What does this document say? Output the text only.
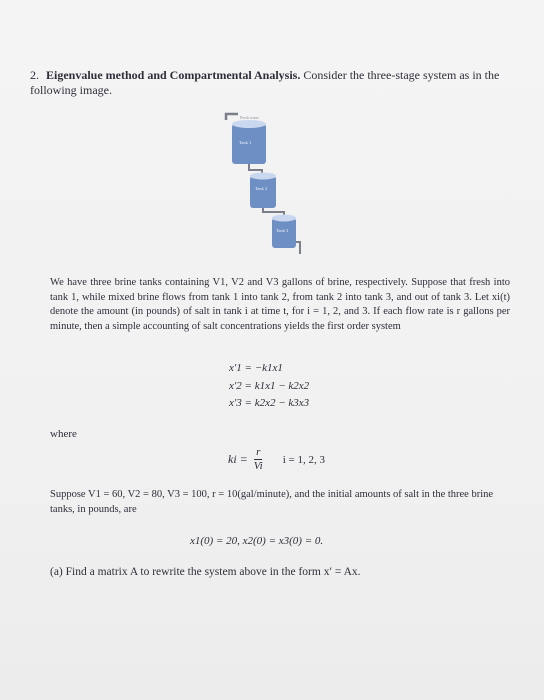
2. Eigenvalue method and Compartmental Analysis. Consider the three-stage system as in the following image.
Fresh water
Tank 1
Tank 2
Tank 3
We have three brine tanks containing V1, V2 and V3 gallons of brine, respectively. Suppose that fresh into tank 1, while mixed brine flows from tank 1 into tank 2, from tank 2 into tank 3, and out of tank 3. Let xi(t) denote the amount (in pounds) of salt in tank i at time t, for i = 1, 2, and 3. If each flow rate is r gallons per minute, then a simple accounting of salt concentrations yields the first order system
x′1 = −k1x1
x′2 = k1x1 − k2x2
x′3 = k2x2 − k3x3
where
ki = $\frac{r}{Vi}$ i = 1, 2, 3
Suppose V1 = 60, V2 = 80, V3 = 100, r = 10(gal/minute), and the initial amounts of salt in the three brine tanks, in pounds, are
x1(0) = 20, x2(0) = x3(0) = 0.
(a) Find a matrix A to rewrite the system above in the form x′ = Ax.
